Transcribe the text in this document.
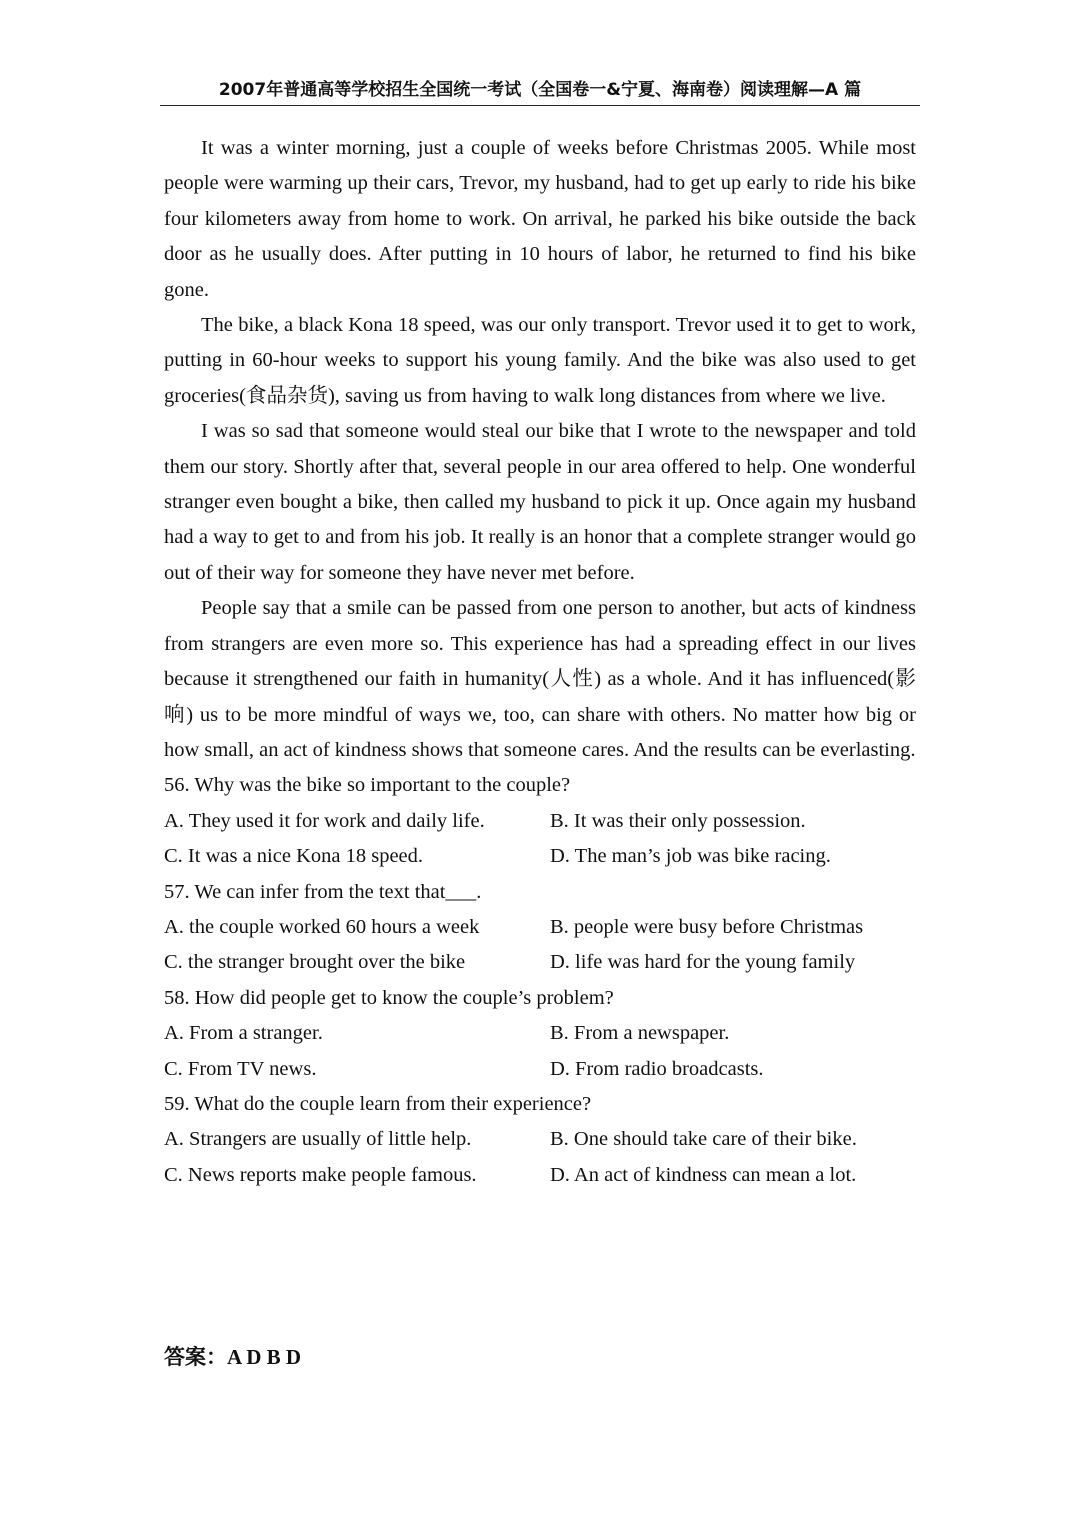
2007年普通高等学校招生全国统一考试（全国卷一&宁夏、海南卷）阅读理解—A 篇

It was a winter morning, just a couple of weeks before Christmas 2005. While most people were warming up their cars, Trevor, my husband, had to get up early to ride his bike four kilometers away from home to work. On arrival, he parked his bike outside the back door as he usually does. After putting in 10 hours of labor, he returned to find his bike gone.

The bike, a black Kona 18 speed, was our only transport. Trevor used it to get to work, putting in 60-hour weeks to support his young family. And the bike was also used to get groceries(食品杂货), saving us from having to walk long distances from where we live.

I was so sad that someone would steal our bike that I wrote to the newspaper and told them our story. Shortly after that, several people in our area offered to help. One wonderful stranger even bought a bike, then called my husband to pick it up. Once again my husband had a way to get to and from his job. It really is an honor that a complete stranger would go out of their way for someone they have never met before.

People say that a smile can be passed from one person to another, but acts of kindness from strangers are even more so. This experience has had a spreading effect in our lives because it strengthened our faith in humanity(人性) as a whole. And it has influenced(影响) us to be more mindful of ways we, too, can share with others. No matter how big or how small, an act of kindness shows that someone cares. And the results can be everlasting.

56. Why was the bike so important to the couple?

A. They used it for work and daily life.	B. It was their only possession.
C. It was a nice Kona 18 speed.	D. The man’s job was bike racing.

57. We can infer from the text that___.

A. the couple worked 60 hours a week	B. people were busy before Christmas
C. the stranger brought over the bike	D. life was hard for the young family

58. How did people get to know the couple’s problem?

A. From a stranger.	B. From a newspaper.
C. From TV news.	D. From radio broadcasts.

59. What do the couple learn from their experience?

A. Strangers are usually of little help.	B. One should take care of their bike.
C. News reports make people famous.	D. An act of kindness can mean a lot.
答案：A D B D
